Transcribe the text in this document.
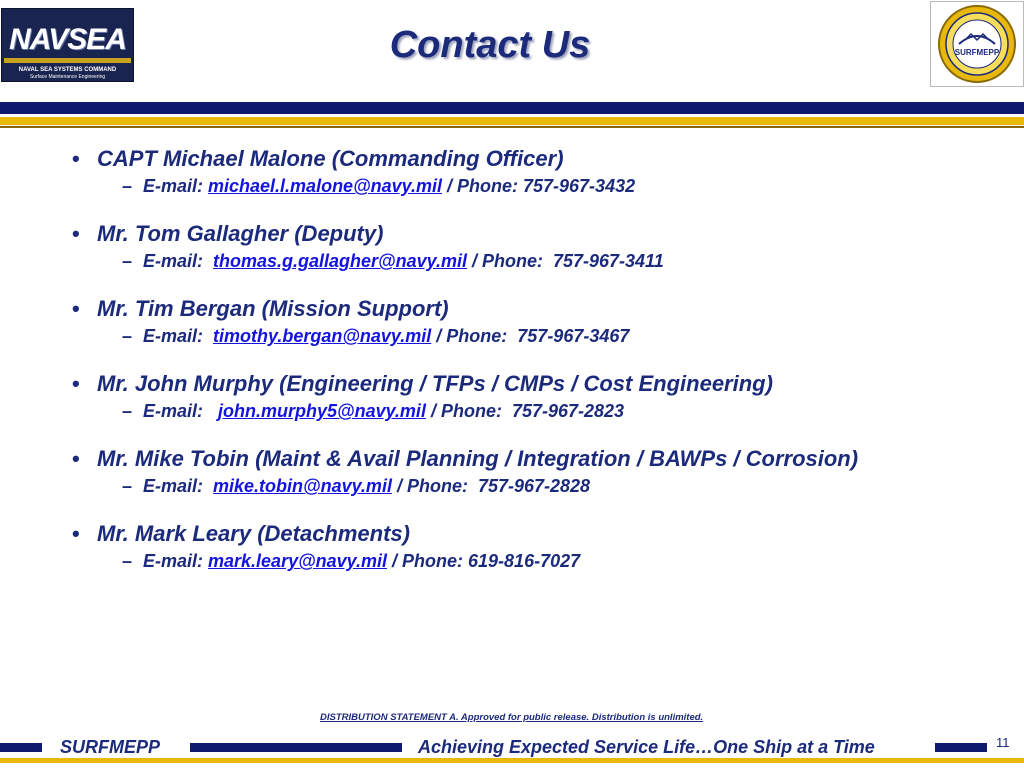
NAVSEA
NAVAL SEA SYSTEMS COMMAND
Surface Maintenance Engineering
Contact Us	SURFMEPP
• CAPT Michael Malone (Commanding Officer)
– E-mail: michael.l.malone@navy.mil / Phone: 757-967-3432
• Mr. Tom Gallagher (Deputy)
– E-mail:  thomas.g.gallagher@navy.mil / Phone:  757-967-3411
• Mr. Tim Bergan (Mission Support)
– E-mail:  timothy.bergan@navy.mil / Phone:  757-967-3467
• Mr. John Murphy (Engineering / TFPs / CMPs / Cost Engineering)
– E-mail:   john.murphy5@navy.mil / Phone:  757-967-2823
• Mr. Mike Tobin (Maint & Avail Planning / Integration / BAWPs / Corrosion)
– E-mail:  mike.tobin@navy.mil / Phone:  757-967-2828
• Mr. Mark Leary (Detachments)
– E-mail: mark.leary@navy.mil / Phone: 619-816-7027
DISTRIBUTION STATEMENT A. Approved for public release. Distribution is unlimited.
SURFMEPP	Achieving Expected Service Life…One Ship at a Time	11
